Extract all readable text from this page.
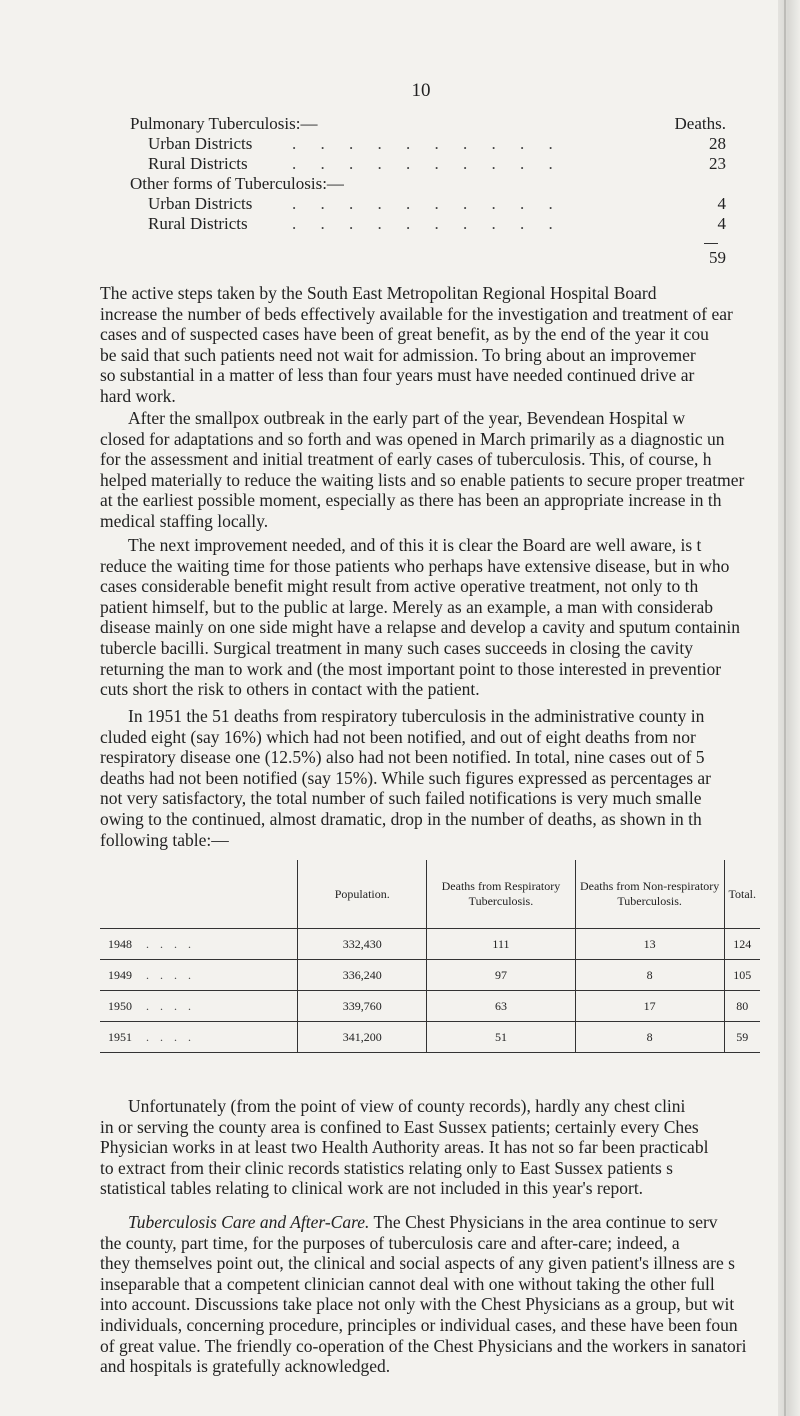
10
Pulmonary Tuberculosis:—	Deaths.
Urban Districts . . . . . . . . . .	28
Rural Districts	. . . . . . . . . .	23
Other forms of Tuberculosis:—
Urban Districts . . . . . . . . . .	4
Rural Districts	. . . . . . . . . .	4
59
The active steps taken by the South East Metropolitan Regional Hospital Board
increase the number of beds effectively available for the investigation and treatment of ear
cases and of suspected cases have been of great benefit, as by the end of the year it cou
be said that such patients need not wait for admission. To bring about an improvemer
so substantial in a matter of less than four years must have needed continued drive ar
hard work.
After the smallpox outbreak in the early part of the year, Bevendean Hospital w
closed for adaptations and so forth and was opened in March primarily as a diagnostic un
for the assessment and initial treatment of early cases of tuberculosis. This, of course, h
helped materially to reduce the waiting lists and so enable patients to secure proper treatmer
at the earliest possible moment, especially as there has been an appropriate increase in th
medical staffing locally.
The next improvement needed, and of this it is clear the Board are well aware, is t
reduce the waiting time for those patients who perhaps have extensive disease, but in who
cases considerable benefit might result from active operative treatment, not only to th
patient himself, but to the public at large. Merely as an example, a man with considerab
disease mainly on one side might have a relapse and develop a cavity and sputum containin
tubercle bacilli. Surgical treatment in many such cases succeeds in closing the cavity
returning the man to work and (the most important point to those interested in preventior
cuts short the risk to others in contact with the patient.
In 1951 the 51 deaths from respiratory tuberculosis in the administrative county in
cluded eight (say 16%) which had not been notified, and out of eight deaths from nor
respiratory disease one (12.5%) also had not been notified. In total, nine cases out of 5
deaths had not been notified (say 15%). While such figures expressed as percentages ar
not very satisfactory, the total number of such failed notifications is very much smalle
owing to the continued, almost dramatic, drop in the number of deaths, as shown in th
following table:—
	Population.	Deaths from Respiratory Tuberculosis.	Deaths from Non-respiratory Tuberculosis.	Total.
1948 . . . .	332,430	111	13	124
1949 . . . .	336,240	97	8	105
1950 . . . .	339,760	63	17	80
1951 . . . .	341,200	51	8	59
Unfortunately (from the point of view of county records), hardly any chest clini
in or serving the county area is confined to East Sussex patients; certainly every Ches
Physician works in at least two Health Authority areas. It has not so far been practicabl
to extract from their clinic records statistics relating only to East Sussex patients s
statistical tables relating to clinical work are not included in this year's report.
Tuberculosis Care and After-Care. The Chest Physicians in the area continue to serv
the county, part time, for the purposes of tuberculosis care and after-care; indeed, a
they themselves point out, the clinical and social aspects of any given patient's illness are s
inseparable that a competent clinician cannot deal with one without taking the other full
into account. Discussions take place not only with the Chest Physicians as a group, but wit
individuals, concerning procedure, principles or individual cases, and these have been foun
of great value. The friendly co-operation of the Chest Physicians and the workers in sanatori
and hospitals is gratefully acknowledged.
